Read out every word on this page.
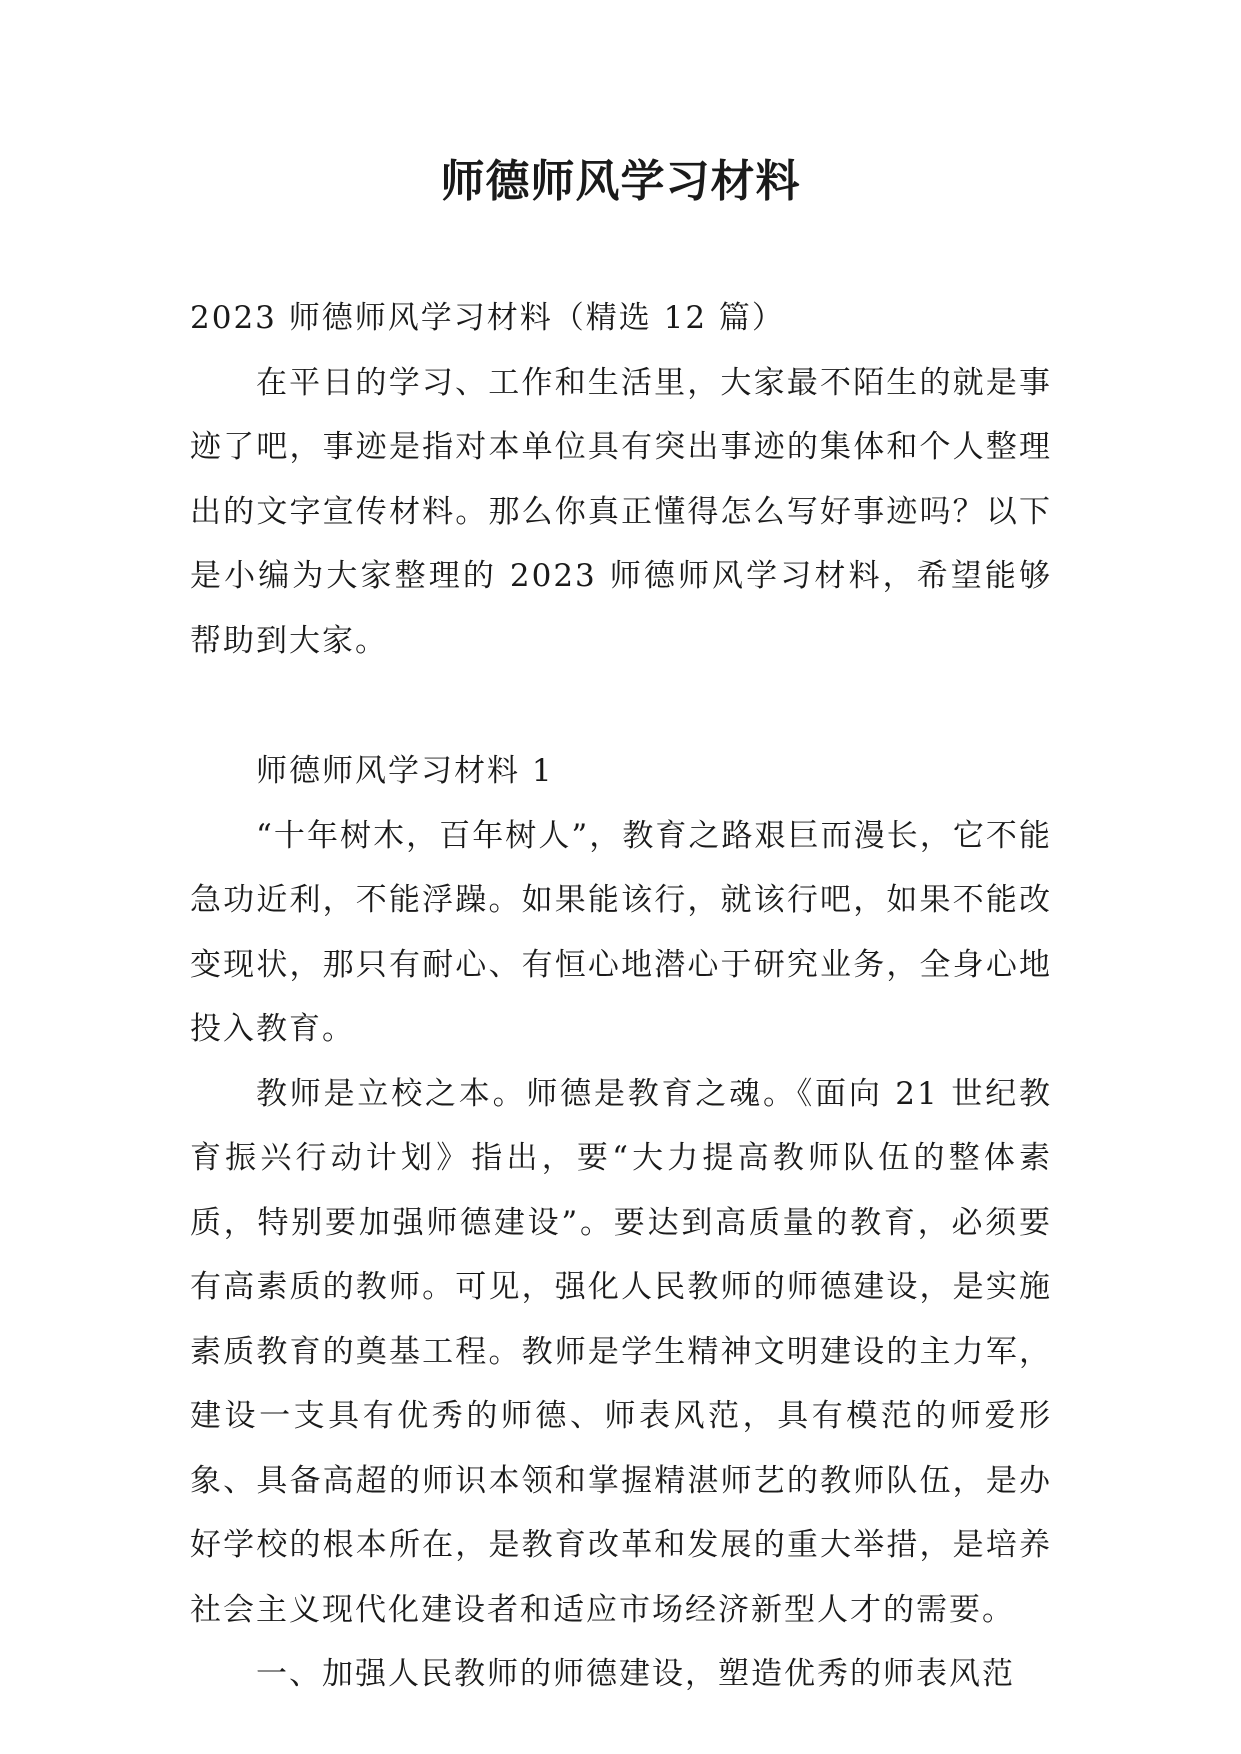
师德师风学习材料

2023 师德师风学习材料（精选 12 篇）

在平日的学习、工作和生活里，大家最不陌生的就是事迹了吧，事迹是指对本单位具有突出事迹的集体和个人整理出的文字宣传材料。那么你真正懂得怎么写好事迹吗？以下是小编为大家整理的 2023 师德师风学习材料，希望能够帮助到大家。

师德师风学习材料 1

“十年树木，百年树人”，教育之路艰巨而漫长，它不能急功近利，不能浮躁。如果能该行，就该行吧，如果不能改变现状，那只有耐心、有恒心地潜心于研究业务，全身心地投入教育。

教师是立校之本。师德是教育之魂。《面向 21 世纪教育振兴行动计划》指出，要“大力提高教师队伍的整体素质，特别要加强师德建设”。要达到高质量的教育，必须要有高素质的教师。可见，强化人民教师的师德建设，是实施素质教育的奠基工程。教师是学生精神文明建设的主力军，建设一支具有优秀的师德、师表风范，具有模范的师爱形象、具备高超的师识本领和掌握精湛师艺的教师队伍，是办好学校的根本所在，是教育改革和发展的重大举措，是培养社会主义现代化建设者和适应市场经济新型人才的需要。

一、加强人民教师的师德建设，塑造优秀的师表风范
